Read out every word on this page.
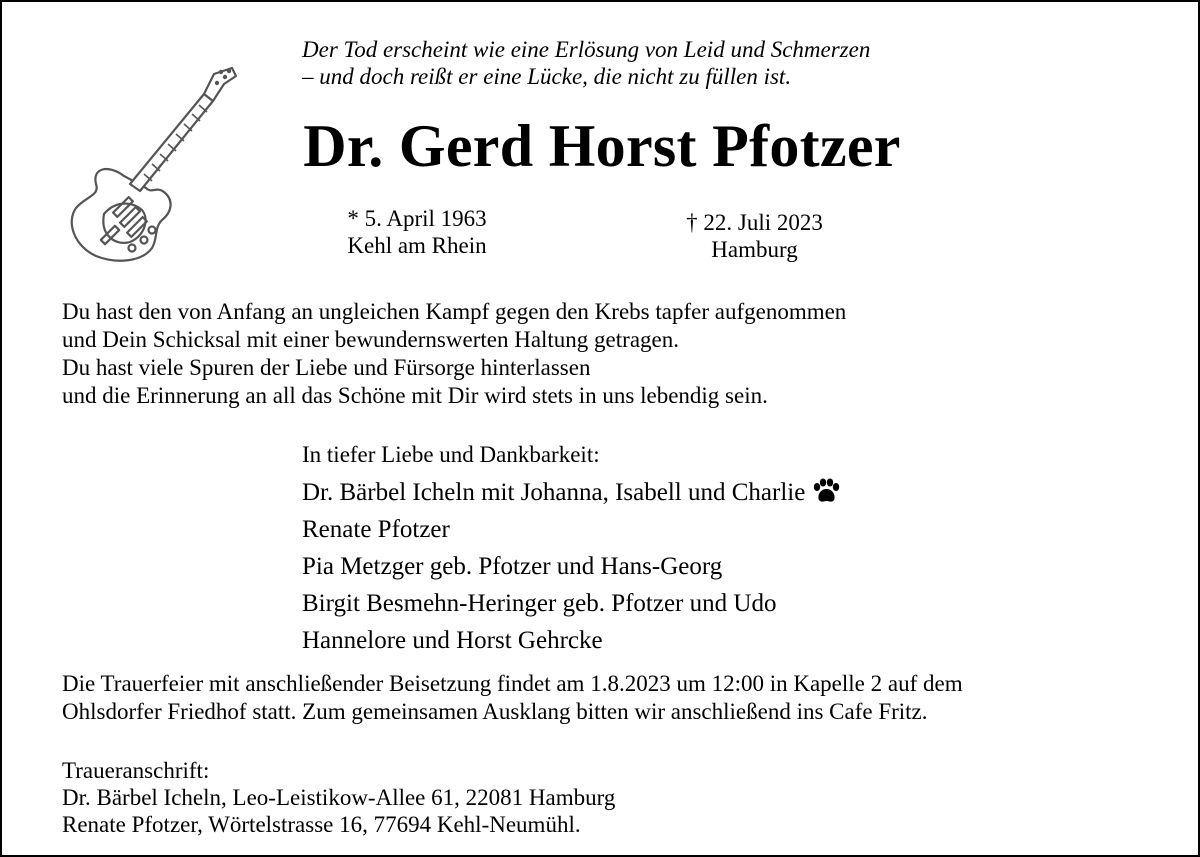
Der Tod erscheint wie eine Erlösung von Leid und Schmerzen
– und doch reißt er eine Lücke, die nicht zu füllen ist.
Dr. Gerd Horst Pfotzer
* 5. April 1963
Kehl am Rhein
† 22. Juli 2023
Hamburg
Du hast den von Anfang an ungleichen Kampf gegen den Krebs tapfer aufgenommen
und Dein Schicksal mit einer bewundernswerten Haltung getragen.
Du hast viele Spuren der Liebe und Fürsorge hinterlassen
und die Erinnerung an all das Schöne mit Dir wird stets in uns lebendig sein.
In tiefer Liebe und Dankbarkeit:
Dr. Bärbel Icheln mit Johanna, Isabell und Charlie
Renate Pfotzer
Pia Metzger geb. Pfotzer und Hans-Georg
Birgit Besmehn-Heringer geb. Pfotzer und Udo
Hannelore und Horst Gehrcke
Die Trauerfeier mit anschließender Beisetzung findet am 1.8.2023 um 12:00 in Kapelle 2 auf dem
Ohlsdorfer Friedhof statt. Zum gemeinsamen Ausklang bitten wir anschließend ins Cafe Fritz.
Traueranschrift:
Dr. Bärbel Icheln, Leo-Leistikow-Allee 61, 22081 Hamburg
Renate Pfotzer, Wörtelstrasse 16, 77694 Kehl-Neumühl.
